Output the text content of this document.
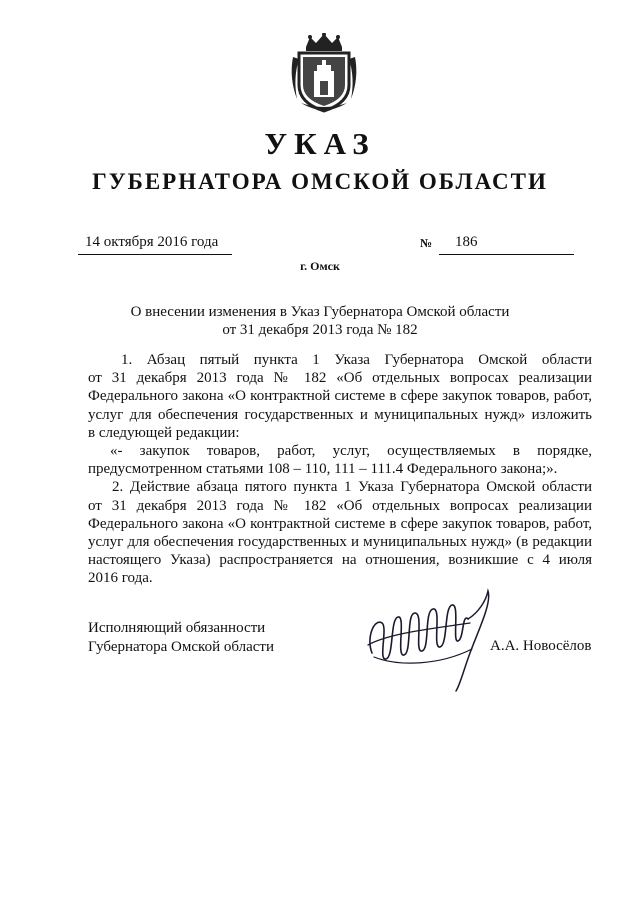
УКАЗ
ГУБЕРНАТОРА ОМСКОЙ ОБЛАСТИ
14 октября 2016 года	№ 186
г. Омск
О внесении изменения в Указ Губернатора Омской области
от 31 декабря 2013 года № 182

1. Абзац пятый пункта 1 Указа Губернатора Омской области
от 31 декабря 2013 года № 182 «Об отдельных вопросах реализации
Федерального закона «О контрактной системе в сфере закупок товаров, работ,
услуг для обеспечения государственных и муниципальных нужд» изложить
в следующей редакции:

«- закупок товаров, работ, услуг, осуществляемых в порядке,
предусмотренном статьями 108 – 110, 111 – 111.4 Федерального закона;».

2. Действие абзаца пятого пункта 1 Указа Губернатора Омской области
от 31 декабря 2013 года № 182 «Об отдельных вопросах реализации
Федерального закона «О контрактной системе в сфере закупок товаров, работ,
услуг для обеспечения государственных и муниципальных нужд» (в редакции
настоящего Указа) распространяется на отношения, возникшие с 4 июля
2016 года.

Исполняющий обязанности
Губернатора Омской области	А.А. Новосёлов
